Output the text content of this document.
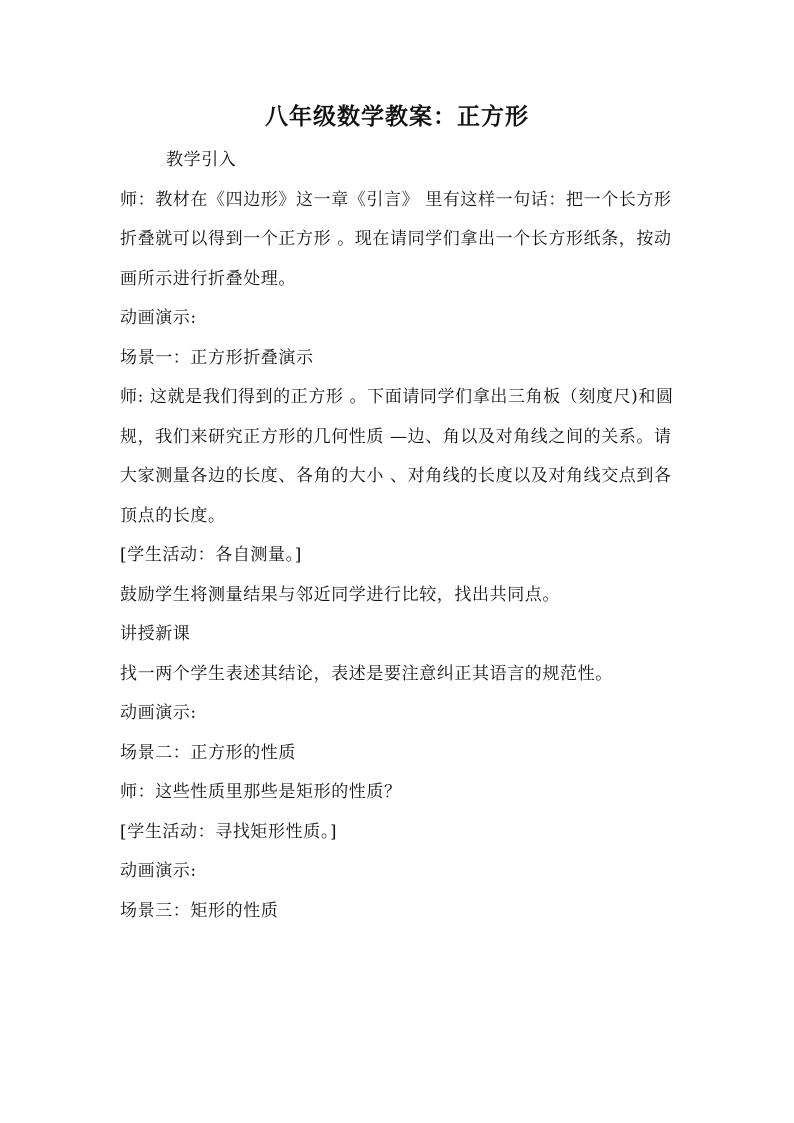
八年级数学教案：正方形

教学引入

师：教材在《四边形》这一章《引言》 里有这样一句话：把一个长方形折叠就可以得到一个正方形 。现在请同学们拿出一个长方形纸条，按动画所示进行折叠处理。

动画演示:

场景一：正方形折叠演示

师: 这就是我们得到的正方形 。下面请同学们拿出三角板（刻度尺)和圆规，我们来研究正方形的几何性质 —边、角以及对角线之间的关系。请大家测量各边的长度、各角的大小 、对角线的长度以及对角线交点到各顶点的长度。

[学生活动：各自测量。]

鼓励学生将测量结果与邻近同学进行比较，找出共同点。

讲授新课

找一两个学生表述其结论，表述是要注意纠正其语言的规范性。

动画演示:

场景二：正方形的性质

师：这些性质里那些是矩形的性质？

[学生活动：寻找矩形性质。]

动画演示:

场景三：矩形的性质
